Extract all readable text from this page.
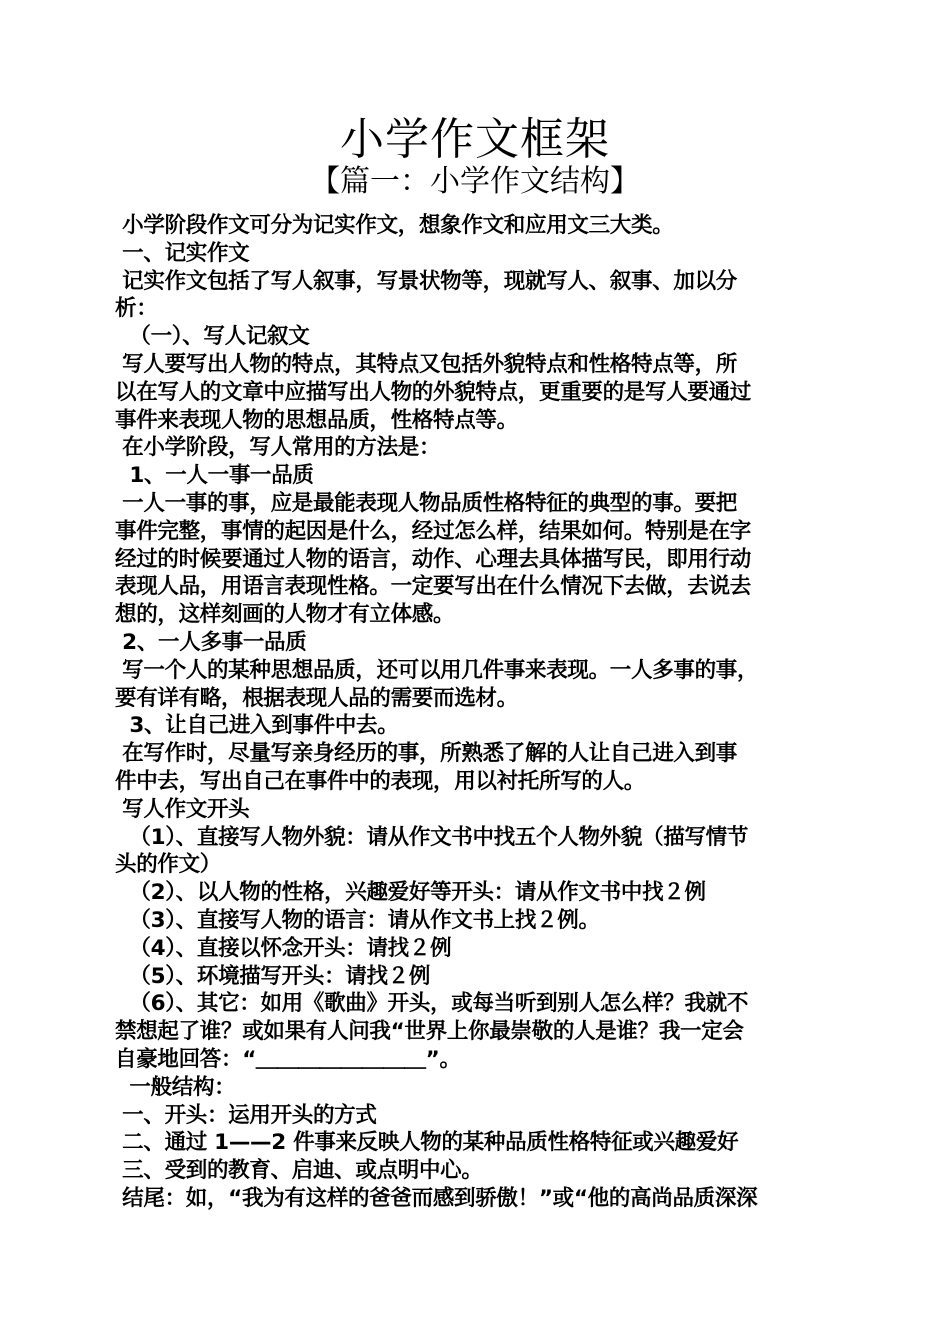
小学作文框架
【篇一：小学作文结构】
小学阶段作文可分为记实作文，想象作文和应用文三大类。
一、记实作文
记实作文包括了写人叙事，写景状物等，现就写人、叙事、加以分
析：
（一）、写人记叙文
写人要写出人物的特点，其特点又包括外貌特点和性格特点等，所
以在写人的文章中应描写出人物的外貌特点，更重要的是写人要通过
事件来表现人物的思想品质，性格特点等。
在小学阶段，写人常用的方法是：
1、一人一事一品质
一人一事的事，应是最能表现人物品质性格特征的典型的事。要把
事件完整，事情的起因是什么，经过怎么样，结果如何。特别是在字
经过的时候要通过人物的语言，动作、心理去具体描写民，即用行动
表现人品，用语言表现性格。一定要写出在什么情况下去做，去说去
想的，这样刻画的人物才有立体感。
2、一人多事一品质
写一个人的某种思想品质，还可以用几件事来表现。一人多事的事，
要有详有略，根据表现人品的需要而选材。
3、让自己进入到事件中去。
在写作时，尽量写亲身经历的事，所熟悉了解的人让自己进入到事
件中去，写出自己在事件中的表现，用以衬托所写的人。
写人作文开头
（1）、直接写人物外貌：请从作文书中找五个人物外貌（描写情节
头的作文）
（2）、以人物的性格，兴趣爱好等开头：请从作文书中找２例
（3）、直接写人物的语言：请从作文书上找２例。
（4）、直接以怀念开头：请找２例
（5）、环境描写开头：请找２例
（6）、其它：如用《歌曲》开头，或每当听到别人怎么样？我就不
禁想起了谁？或如果有人问我“世界上你最崇敬的人是谁？我一定会
自豪地回答：“＿＿＿＿＿＿＿＿”。
一般结构：
一、开头：运用开头的方式
二、通过 1——2 件事来反映人物的某种品质性格特征或兴趣爱好
三、受到的教育、启迪、或点明中心。
结尾：如，“我为有这样的爸爸而感到骄傲！”或“他的高尚品质深深
